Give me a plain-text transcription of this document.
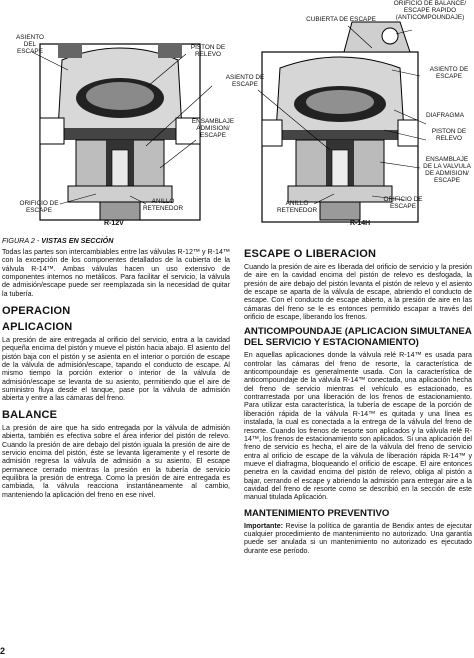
ASIENTO
DEL
ESCAPE
PISTON DE
RELEVO
ASIENTO DE
ESCAPE
ENSAMBLAJE
ADMISION/
ESCAPE
ORIFICIO DE
ESCAPE
ANILLO
RETENEDOR
R-12V
CUBIERTA DE ESCAPE
ORIFICIO DE BALANCE/
ESCAPE RAPIDO
(ANTICOMPOUNDAJE)
DIAFRAGMA
PISTON DE
RELEVO
ENSAMBLAJE
DE LA VALVULA
DE ADMISION/
ESCAPE
ORIFICIO DE
ESCAPE
ANILLO
RETENEDOR
ASIENTO DE
ESCAPE
R-14H
FIGURA 2 - VISTAS EN SECCIÓN

Todas las partes son intercambiables entre las válvulas R-12™ y R-14™ con la excepción de los componentes detallados de la cubierta de la válvula R-14™. Ambas válvulas hacen un uso extensivo de componentes internos no metálicos. Para facilitar el servicio, la válvula de admisión/escape puede ser reemplazada sin la necesidad de quitar la tubería.

OPERACION

APLICACION

La presión de aire entregada al orificio del servicio, entra a la cavidad pequeña encima del pistón y mueve el pistón hacia abajo. El asiento del pistón baja con el pistón y se asienta en el interior o porción de escape de la válvula de admisión/escape, tapando el conducto de escape. Al mismo tiempo la porción exterior o interior de la válvula de admisión/escape se levanta de su asiento, permitiendo que el aire de suministro fluya desde el tanque, pase por la válvula de admisión abierta y entre a las cámaras del freno.

BALANCE

La presión de aire que ha sido entregada por la válvula de admisión abierta, también es efectiva sobre el área inferior del pistón de relevo. Cuando la presión de aire debajo del pistón iguala la presión de aire de servicio encima del pistón, éste se levanta ligeramente y el resorte de admisión regresa la válvula de admisión a su asiento. El escape permanece cerrado mientras la presión en la tubería de servicio equilibra la presión de entrega. Como la presión de aire entregada es cambiada, la válvula reacciona instantáneamente al cambio, manteniendo la aplicación del freno en ese nivel.

ESCAPE O LIBERACION

Cuando la presión de aire es liberada del orificio de servicio y la presión de aire en la cavidad encima del pistón de relevo es desfogada, la presión de aire debajo del pistón levanta el pistón de relevo y el asiento de escape se aparta de la válvula de escape, abriendo el conducto de escape. Con el conducto de escape abierto, a la presión de aire en las cámaras del freno se le es entonces permitido escapar a través del orificio de escape, liberando los frenos.

ANTICOMPOUNDAJE (APLICACION SIMULTANEA DEL SERVICIO Y ESTACIONAMIENTO)

En aquellas aplicaciones donde la válvula relé R-14™ es usada para controlar las cámaras del freno de resorte, la característica de anticompoundaje es generalmente usada. Con la característica de anticompoundaje de la válvula R-14™ conectada, una aplicación hecha del freno de servicio mientras el vehículo es estacionado, es contrarrestada por una liberación de los frenos de estacionamiento. Para utilizar esta característica, la tubería de escape de la porción de liberación rápida de la válvula R-14™ es quitada y una línea es instalada, la cual es conectada a la entrega de la válvula del freno de resorte. Cuando los frenos de resorte son aplicados y la válvula relé R-14™, los frenos de estacionamiento son aplicados. Si una aplicación del freno de servicio es hecha, el aire de la válvula del freno de servicio entra al orificio de escape de la válvula de liberación rápida R-14™ y mueve el diafragma, bloqueando el orificio de escape. El aire entonces penetra en la cavidad encima del pistón de relevo, obliga al pistón a bajar, cerrando el escape y abriendo la admisión para entregar aire a la cavidad del freno de resorte como se describió en la sección de este manual titulada Aplicación.

MANTENIMIENTO PREVENTIVO

Importante: Revise la política de garantía de Bendix antes de ejecutar cualquier procedimiento de mantenimiento no autorizado. Una garantía puede ser anulada si un mantenimiento no autorizado es ejecutado durante ese período.

2
